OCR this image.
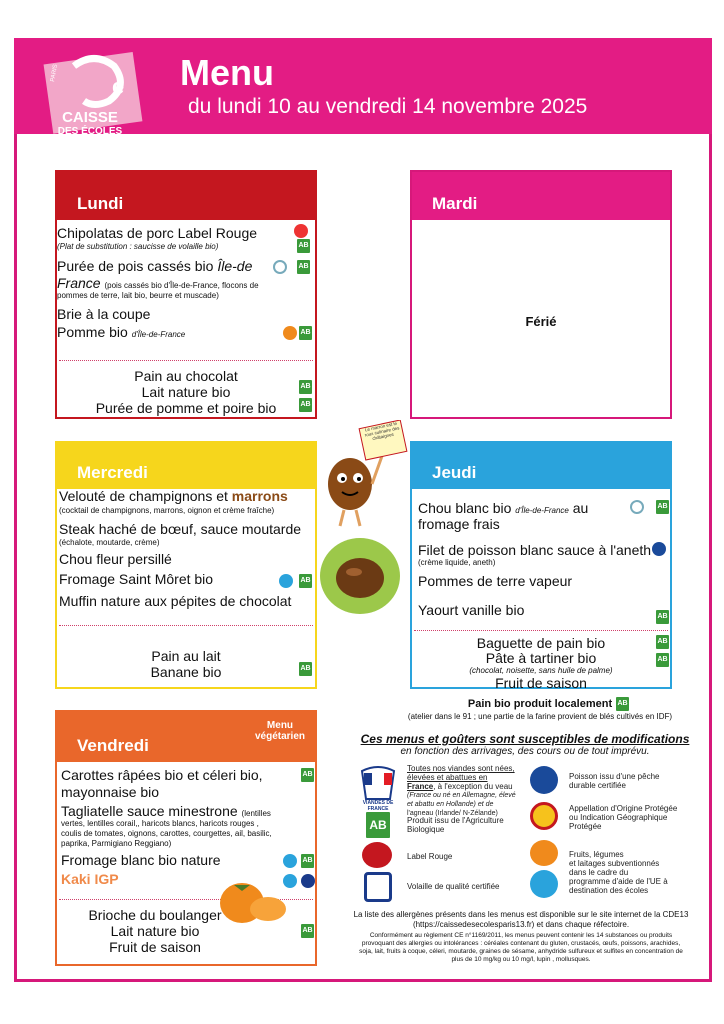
e
PARIS
CAISSE
DES ÉCOLES
Menu
du lundi 10 au vendredi 14 novembre 2025
Lundi
Chipolatas de porc Label Rouge
(Plat de substitution : saucisse de volaille bio)
Purée de pois cassés bio Île-de
France (pois cassés bio d'Île-de-France, flocons de
pommes de terre, lait bio, beurre et muscade)
Brie à la coupe
Pomme bio d'Île-de-France
Pain au chocolat
Lait nature bio
Purée de pomme et poire bio
AB
AB
AB
AB
AB
Mardi
Férié
Mercredi
Velouté de champignons et marrons
(cocktail de champignons, marrons, oignon et crème fraîche)
Steak haché de bœuf, sauce moutarde
(échalote, moutarde, crème)
Chou fleur persillé
Fromage Saint Môret bio
Muffin nature aux pépites de chocolat
Pain au lait
Banane bio
AB
AB
Le marron est le roux culinaire des châtaignes
Jeudi
Chou blanc bio d'Île-de-France au
fromage frais
Filet de poisson blanc sauce à l'aneth
(crème liquide, aneth)
Pommes de terre vapeur
Yaourt vanille bio
Baguette de pain bio
Pâte à tartiner bio
(chocolat, noisette, sans huile de palme)
Fruit de saison
AB
AB
AB
AB
Pain bio produit localement AB
(atelier dans le 91 ; une partie de la farine provient de blés cultivés en IDF)
Ces menus et goûters sont susceptibles de modifications
en fonction des arrivages, des cours ou de tout imprévu.
Vendredi
Menu
végétarien
Carottes râpées bio et céleri bio,
mayonnaise bio
Tagliatelle sauce minestrone (lentilles
vertes, lentilles corail,, haricots blancs, haricots rouges ,
coulis de tomates, oignons, carottes, courgettes, ail, basilic,
paprika, Parmigiano Reggiano)
Fromage blanc bio nature
Kaki IGP
Brioche du boulanger
Lait nature bio
Fruit de saison
AB
AB
AB
VIANDES DE FRANCE
Toutes nos viandes sont nées,
élevées et abattues en
France, à l'exception du veau
(France ou né en Allemagne, élevé
et abattu en Hollande) et de
l'agneau (Irlande/ N-Zélande)
AB	Produit issu de l'Agriculture
Biologique
Label Rouge
Volaille de qualité certifiée
Poisson issu d'une pêche
durable certifiée
Appellation d'Origine Protégée
ou Indication Géographique
Protégée
Fruits, légumes
et laitages subventionnés
dans le cadre du
programme d'aide de l'UE à
destination des écoles
La liste des allergènes présents dans les menus est disponible sur le site internet de la CDE13
(https://caissedesecolesparis13.fr) et dans chaque réfectoire.
Conformément au règlement CE n°1169/2011, les menus peuvent contenir les 14 substances ou produits
provoquant des allergies ou intolérances : céréales contenant du gluten, crustacés, œufs, poissons, arachides,
soja, lait, fruits à coque, céleri, moutarde, graines de sésame, anhydride sulfureux et sulfites en concentration de
plus de 10 mg/kg ou 10 mg/l, lupin , mollusques.
